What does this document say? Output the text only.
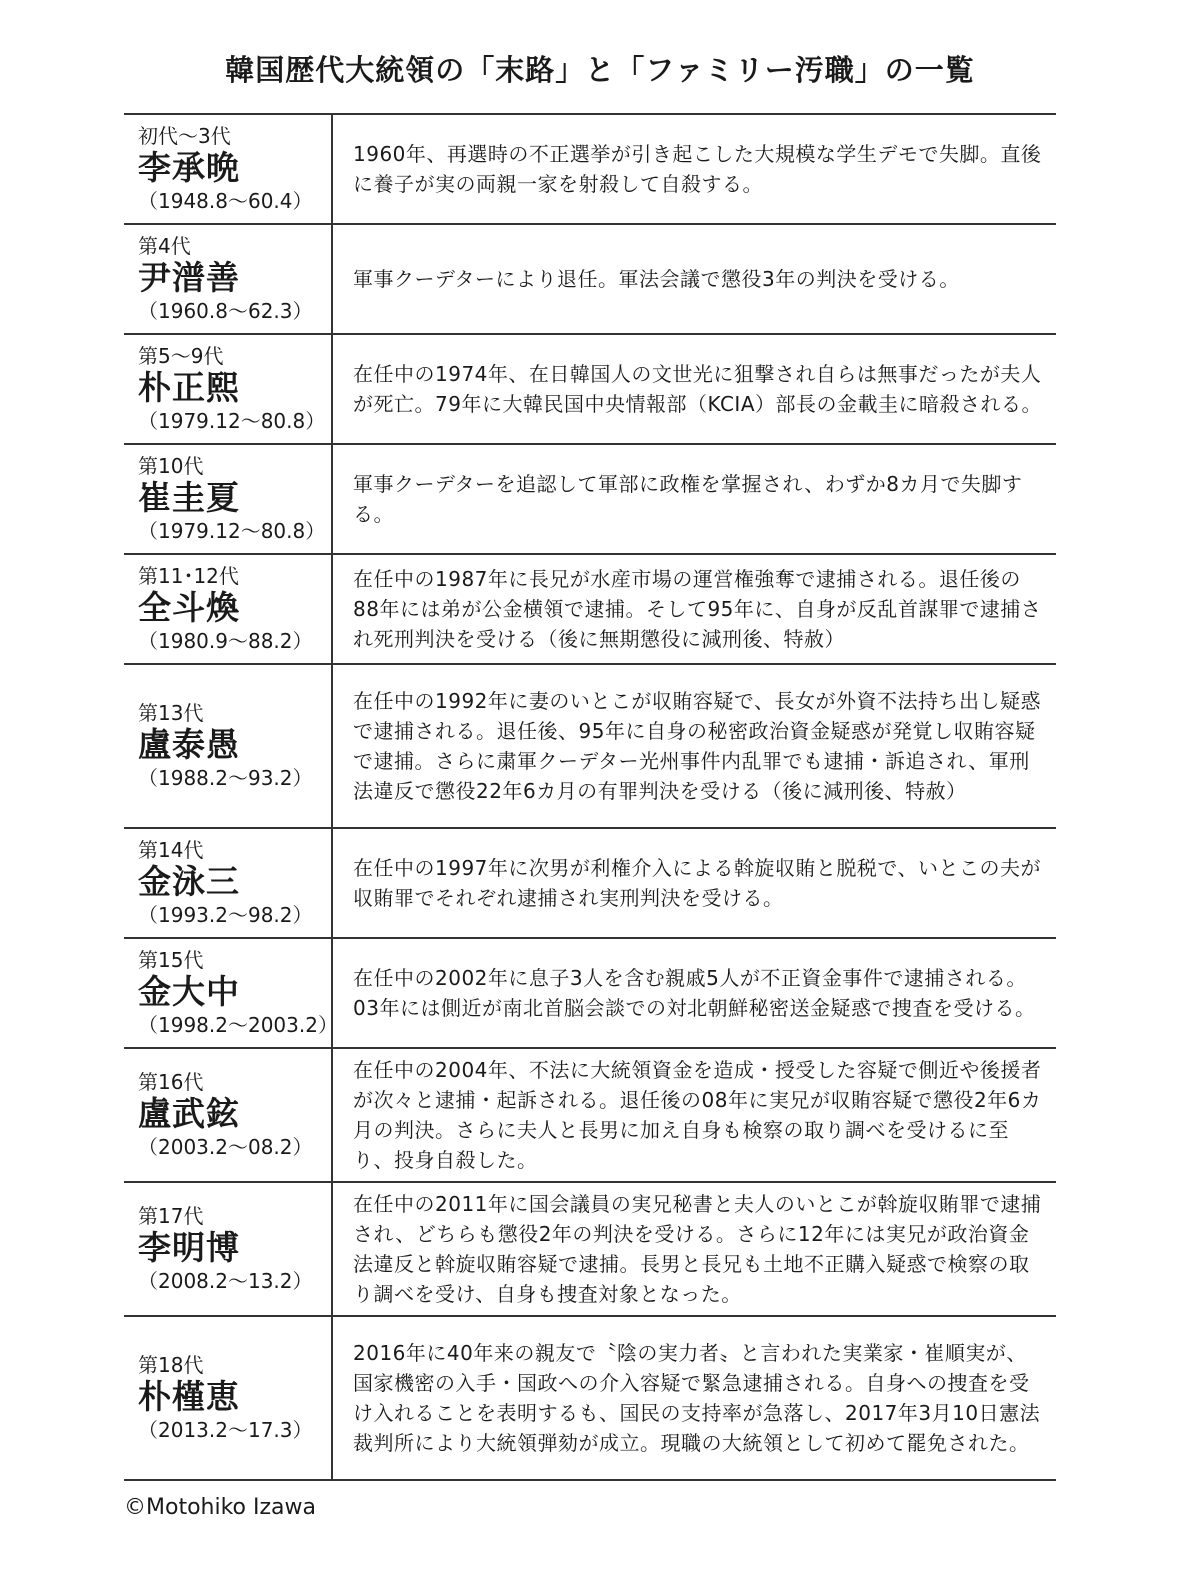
韓国歴代大統領の「末路」と「ファミリー汚職」の一覧
初代～3代
李承晩
（1948.8～60.4）
1960年、再選時の不正選挙が引き起こした大規模な学生デモで失脚。直後に養子が実の両親一家を射殺して自殺する。
第4代
尹潽善
（1960.8～62.3）
軍事クーデターにより退任。軍法会議で懲役3年の判決を受ける。
第5～9代
朴正熙
（1979.12～80.8）
在任中の1974年、在日韓国人の文世光に狙撃され自らは無事だったが夫人が死亡。79年に大韓民国中央情報部（KCIA）部長の金載圭に暗殺される。
第10代
崔圭夏
（1979.12～80.8）
軍事クーデターを追認して軍部に政権を掌握され、わずか8カ月で失脚する。
第11･12代
全斗煥
（1980.9～88.2）
在任中の1987年に長兄が水産市場の運営権強奪で逮捕される。退任後の88年には弟が公金横領で逮捕。そして95年に、自身が反乱首謀罪で逮捕され死刑判決を受ける（後に無期懲役に減刑後、特赦）
第13代
盧泰愚
（1988.2～93.2）
在任中の1992年に妻のいとこが収賄容疑で、長女が外資不法持ち出し疑惑で逮捕される。退任後、95年に自身の秘密政治資金疑惑が発覚し収賄容疑で逮捕。さらに粛軍クーデター光州事件内乱罪でも逮捕・訴追され、軍刑法違反で懲役22年6カ月の有罪判決を受ける（後に減刑後、特赦）
第14代
金泳三
（1993.2～98.2）
在任中の1997年に次男が利権介入による斡旋収賄と脱税で、いとこの夫が収賄罪でそれぞれ逮捕され実刑判決を受ける。
第15代
金大中
（1998.2～2003.2）
在任中の2002年に息子3人を含む親戚5人が不正資金事件で逮捕される。03年には側近が南北首脳会談での対北朝鮮秘密送金疑惑で捜査を受ける。
第16代
盧武鉉
（2003.2～08.2）
在任中の2004年、不法に大統領資金を造成・授受した容疑で側近や後援者が次々と逮捕・起訴される。退任後の08年に実兄が収賄容疑で懲役2年6カ月の判決。さらに夫人と長男に加え自身も検察の取り調べを受けるに至り、投身自殺した。
第17代
李明博
（2008.2～13.2）
在任中の2011年に国会議員の実兄秘書と夫人のいとこが斡旋収賄罪で逮捕され、どちらも懲役2年の判決を受ける。さらに12年には実兄が政治資金法違反と斡旋収賄容疑で逮捕。長男と長兄も土地不正購入疑惑で検察の取り調べを受け、自身も捜査対象となった。
第18代
朴槿恵
（2013.2～17.3）
2016年に40年来の親友で〝陰の実力者〟と言われた実業家・崔順実が、国家機密の入手・国政への介入容疑で緊急逮捕される。自身への捜査を受け入れることを表明するも、国民の支持率が急落し、2017年3月10日憲法裁判所により大統領弾劾が成立。現職の大統領として初めて罷免された。
©Motohiko Izawa
